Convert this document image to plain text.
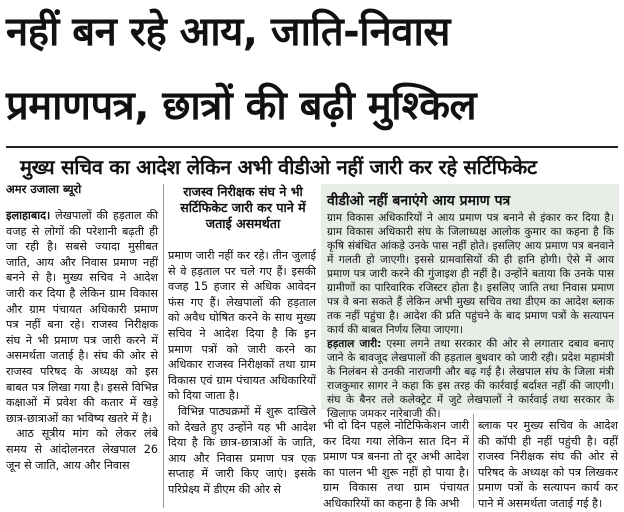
नहीं बन रहे आय, जाति-निवास
प्रमाणपत्र, छात्रों की बढ़ी मुश्किल
मुख्य सचिव का आदेश लेकिन अभी वीडीओ नहीं जारी कर रहे सर्टिफिकेट
अमर उजाला ब्यूरो

इलाहाबाद। लेखपालों की हड़ताल की वजह से लोगों की परेशानी बढ़ती ही जा रही है। सबसे ज्यादा मुसीबत जाति, आय और निवास प्रमाण नहीं बनने से है। मुख्य सचिव ने आदेश जारी कर दिया है लेकिन ग्राम विकास और ग्राम पंचायत अधिकारी प्रमाण पत्र नहीं बना रहे। राजस्व निरीक्षक संघ ने भी प्रमाण पत्र जारी करने में असमर्थता जताई है। संघ की ओर से राजस्व परिषद के अध्यक्ष को इस बाबत पत्र लिखा गया है। इससे विभिन्न कक्षाओं में प्रवेश की कतार में खड़े छात्र-छात्राओं का भविष्य खतरे में है।

आठ सूत्रीय मांग को लेकर लंबे समय से आंदोलनरत लेखपाल 26 जून से जाति, आय और निवास

राजस्व निरीक्षक संघ ने भी सर्टिफिकेट जारी कर पाने में जताई असमर्थता

प्रमाण जारी नहीं कर रहे। तीन जुलाई से वे हड़ताल पर चले गए हैं। इसकी वजह 15 हजार से अधिक आवेदन फंस गए हैं। लेखपालों की हड़ताल को अवैध घोषित करने के साथ मुख्य सचिव ने आदेश दिया है कि इन प्रमाण पत्रों को जारी करने का अधिकार राजस्व निरीक्षकों तथा ग्राम विकास एवं ग्राम पंचायत अधिकारियों को दिया जाता है।

विभिन्न पाठ्यक्रमों में शुरू दाखिले को देखते हुए उन्होंने यह भी आदेश दिया है कि छात्र-छात्राओं के जाति, आय और निवास प्रमाण पत्र एक सप्ताह में जारी किए जाएं। इसके परिप्रेक्ष्य में डीएम की ओर से

वीडीओ नहीं बनाएंगे आय प्रमाण पत्र

ग्राम विकास अधिकारियों ने आय प्रमाण पत्र बनाने से इंकार कर दिया है। ग्राम विकास अधिकारी संघ के जिलाध्यक्ष आलोक कुमार का कहना है कि कृषि संबंधित आंकड़े उनके पास नहीं होते। इसलिए आय प्रमाण पत्र बनवाने में गलती हो जाएगी। इससे ग्रामवासियों की ही हानि होगी। ऐसे में आय प्रमाण पत्र जारी करने की गुंजाइश ही नहीं है। उन्होंने बताया कि उनके पास ग्रामीणों का पारिवारिक रजिस्टर होता है। इसलिए जाति तथा निवास प्रमाण पत्र वे बना सकते हैं लेकिन अभी मुख्य सचिव तथा डीएम का आदेश ब्लाक तक नहीं पहुंचा है। आदेश की प्रति पहुंचने के बाद प्रमाण पत्रों के सत्यापन कार्य की बाबत निर्णय लिया जाएगा।

हड़ताल जारी: एस्मा लगने तथा सरकार की ओर से लगातार दबाव बनाए जाने के बावजूद लेखपालों की हड़ताल बुधवार को जारी रही। प्रदेश महामंत्री के निलंबन से उनकी नाराजगी और बढ़ गई है। लेखपाल संघ के जिला मंत्री राजकुमार सागर ने कहा कि इस तरह की कार्रवाई बर्दाश्त नहीं की जाएगी। संघ के बैनर तले कलेक्ट्रेट में जुटे लेखपालों ने कार्रवाई तथा सरकार के खिलाफ जमकर नारेबाजी की।

भी दो दिन पहले नोटिफिकेशन जारी कर दिया गया लेकिन सात दिन में प्रमाण पत्र बनना तो दूर अभी आदेश का पालन भी शुरू नहीं हो पाया है। ग्राम विकास तथा ग्राम पंचायत अधिकारियों का कहना है कि अभी

ब्लाक पर मुख्य सचिव के आदेश की कॉपी ही नहीं पहुंची है। वहीं राजस्व निरीक्षक संघ की ओर से परिषद के अध्यक्ष को पत्र लिखकर प्रमाण पत्रों के सत्यापन कार्य कर पाने में असमर्थता जताई गई है।
